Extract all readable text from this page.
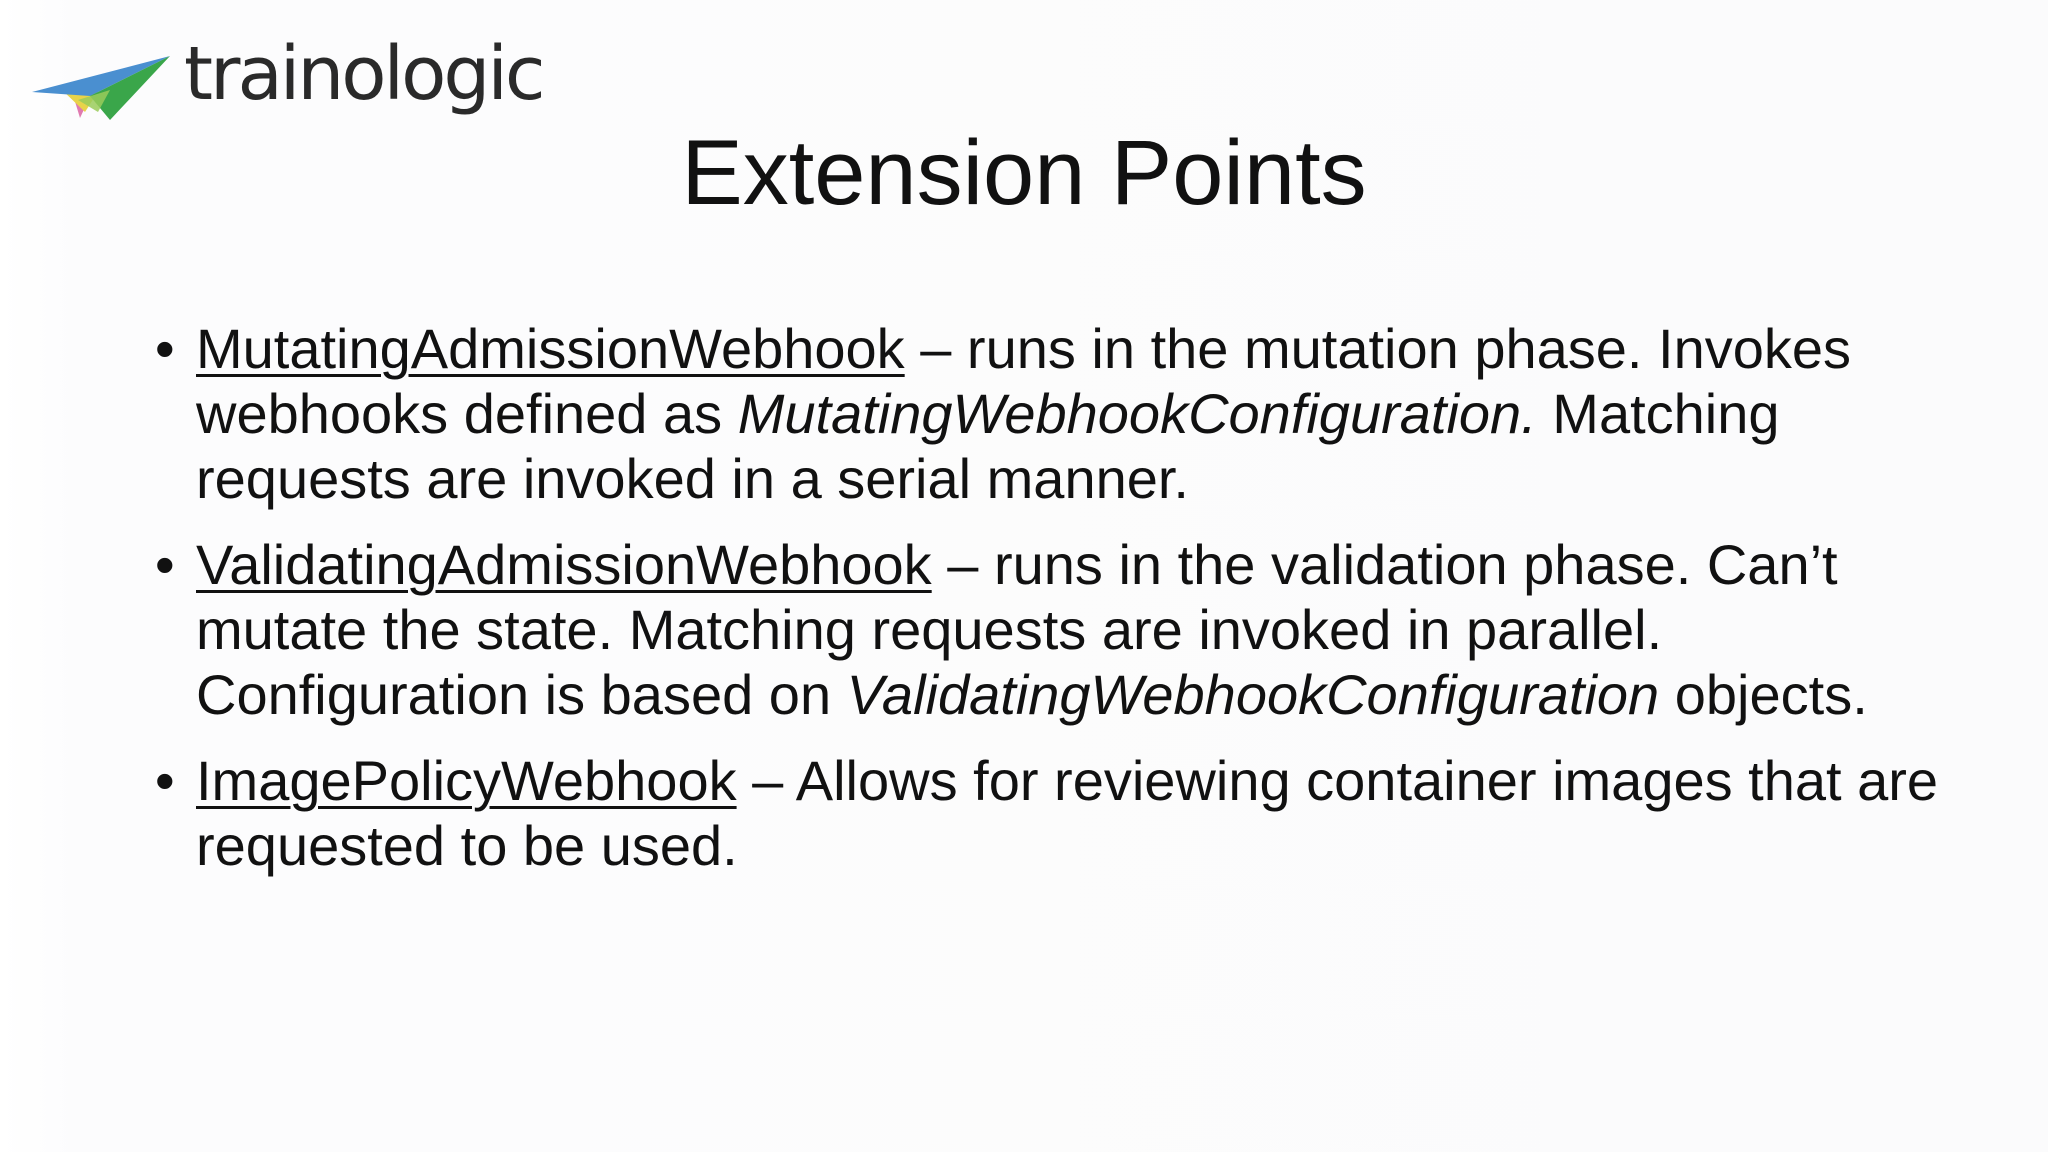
trainologic
Extension Points
• MutatingAdmissionWebhook – runs in the mutation phase. Invokes webhooks defined as MutatingWebhookConfiguration. Matching requests are invoked in a serial manner.
• ValidatingAdmissionWebhook – runs in the validation phase. Can’t mutate the state. Matching requests are invoked in parallel. Configuration is based on ValidatingWebhookConfiguration objects.
• ImagePolicyWebhook – Allows for reviewing container images that are requested to be used.
